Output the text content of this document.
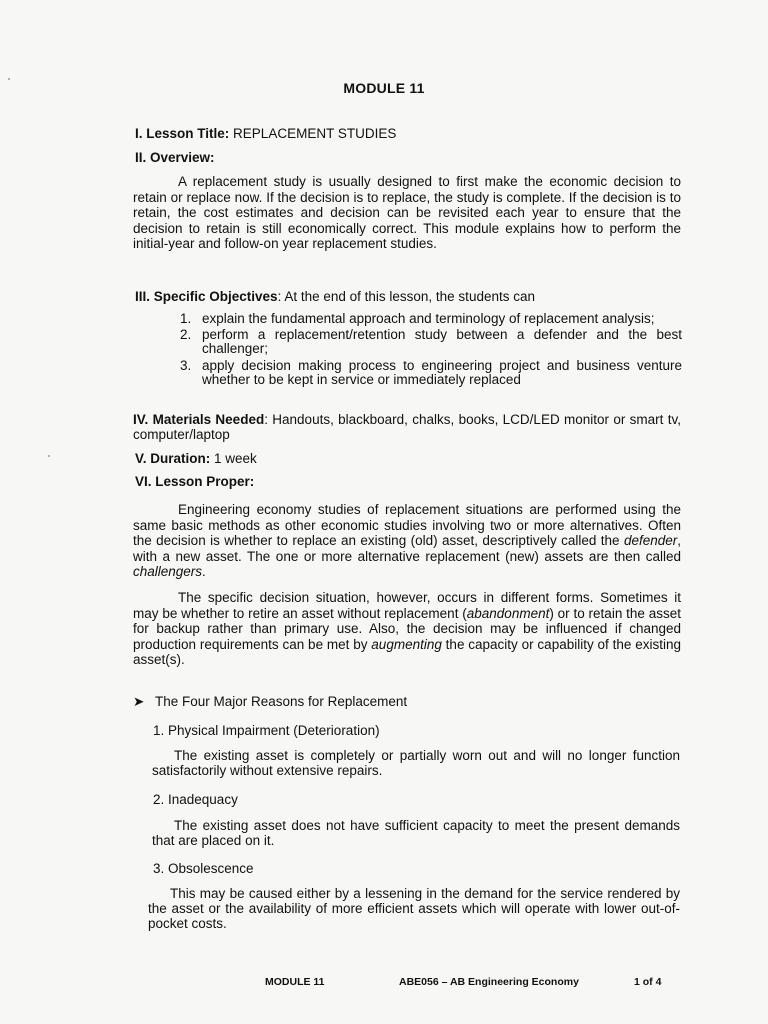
MODULE 11
I. Lesson Title: REPLACEMENT STUDIES
II. Overview:

A replacement study is usually designed to first make the economic decision to retain or replace now. If the decision is to replace, the study is complete. If the decision is to retain, the cost estimates and decision can be revisited each year to ensure that the decision to retain is still economically correct. This module explains how to perform the initial-year and follow-on year replacement studies.

III. Specific Objectives: At the end of this lesson, the students can
1. explain the fundamental approach and terminology of replacement analysis;
2. perform a replacement/retention study between a defender and the best challenger;
3. apply decision making process to engineering project and business venture whether to be kept in service or immediately replaced

IV. Materials Needed: Handouts, blackboard, chalks, books, LCD/LED monitor or smart tv, computer/laptop

V. Duration: 1 week
VI. Lesson Proper:

Engineering economy studies of replacement situations are performed using the same basic methods as other economic studies involving two or more alternatives. Often the decision is whether to replace an existing (old) asset, descriptively called the defender, with a new asset. The one or more alternative replacement (new) assets are then called challengers.

The specific decision situation, however, occurs in different forms. Sometimes it may be whether to retire an asset without replacement (abandonment) or to retain the asset for backup rather than primary use. Also, the decision may be influenced if changed production requirements can be met by augmenting the capacity or capability of the existing asset(s).

➤ The Four Major Reasons for Replacement
1. Physical Impairment (Deterioration)

The existing asset is completely or partially worn out and will no longer function satisfactorily without extensive repairs.

2. Inadequacy

The existing asset does not have sufficient capacity to meet the present demands that are placed on it.

3. Obsolescence

This may be caused either by a lessening in the demand for the service rendered by the asset or the availability of more efficient assets which will operate with lower out-of-pocket costs.

MODULE 11	ABE056 – AB Engineering Economy	1 of 4
